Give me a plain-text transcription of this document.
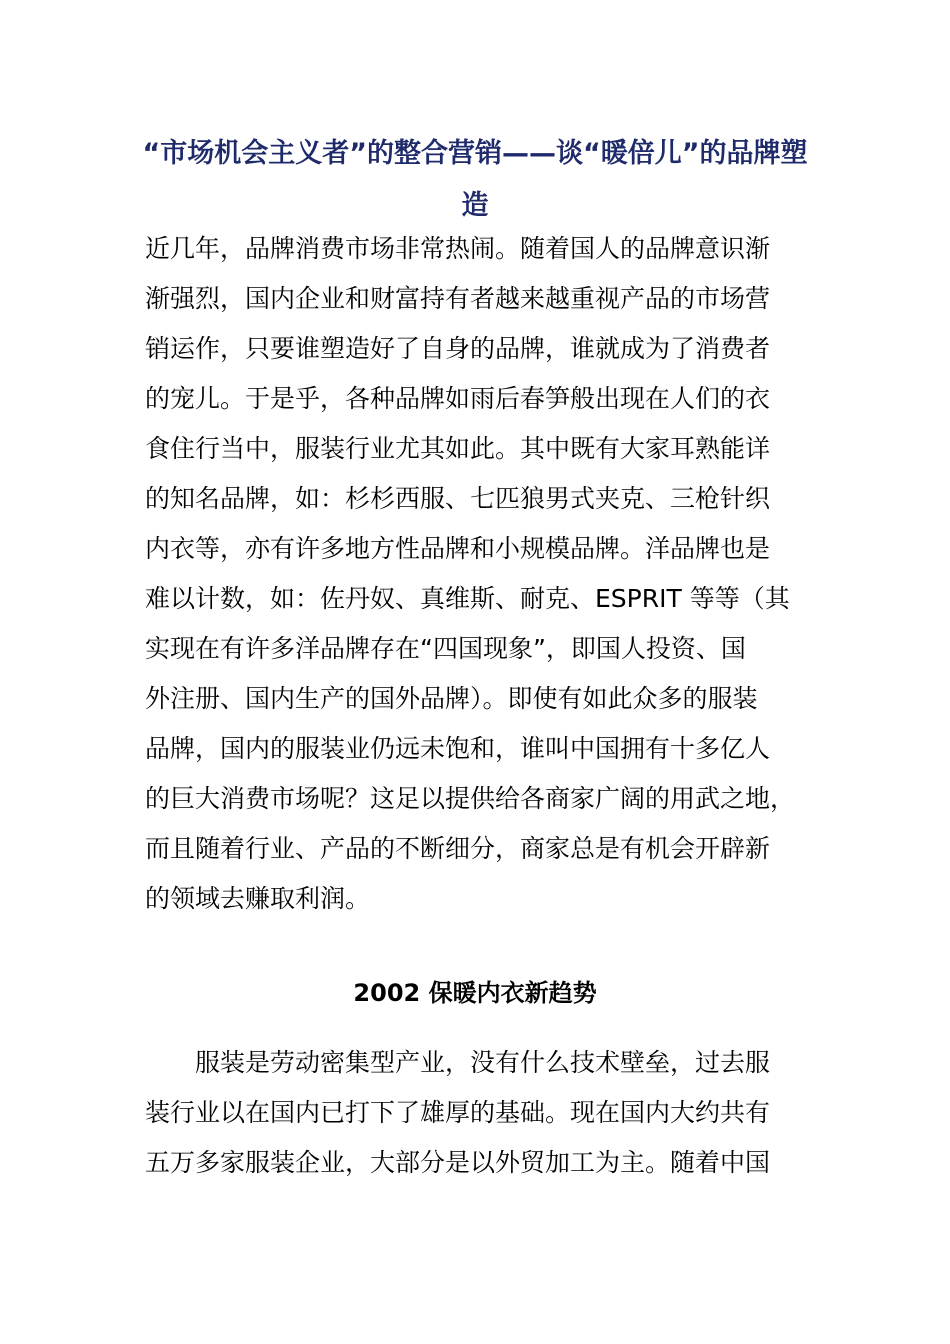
“市场机会主义者”的整合营销——谈“暖倍儿”的品牌塑
造

近几年，品牌消费市场非常热闹。随着国人的品牌意识渐
渐强烈，国内企业和财富持有者越来越重视产品的市场营
销运作，只要谁塑造好了自身的品牌，谁就成为了消费者
的宠儿。于是乎，各种品牌如雨后春笋般出现在人们的衣
食住行当中，服装行业尤其如此。其中既有大家耳熟能详
的知名品牌，如：杉杉西服、七匹狼男式夹克、三枪针织
内衣等，亦有许多地方性品牌和小规模品牌。洋品牌也是
难以计数，如：佐丹奴、真维斯、耐克、ESPRIT 等等（其
实现在有许多洋品牌存在“四国现象”，即国人投资、国
外注册、国内生产的国外品牌）。即使有如此众多的服装
品牌，国内的服装业仍远未饱和，谁叫中国拥有十多亿人
的巨大消费市场呢？这足以提供给各商家广阔的用武之地，
而且随着行业、产品的不断细分，商家总是有机会开辟新
的领域去赚取利润。

2002 保暖内衣新趋势

　　服装是劳动密集型产业，没有什么技术壁垒，过去服
装行业以在国内已打下了雄厚的基础。现在国内大约共有
五万多家服装企业，大部分是以外贸加工为主。随着中国
